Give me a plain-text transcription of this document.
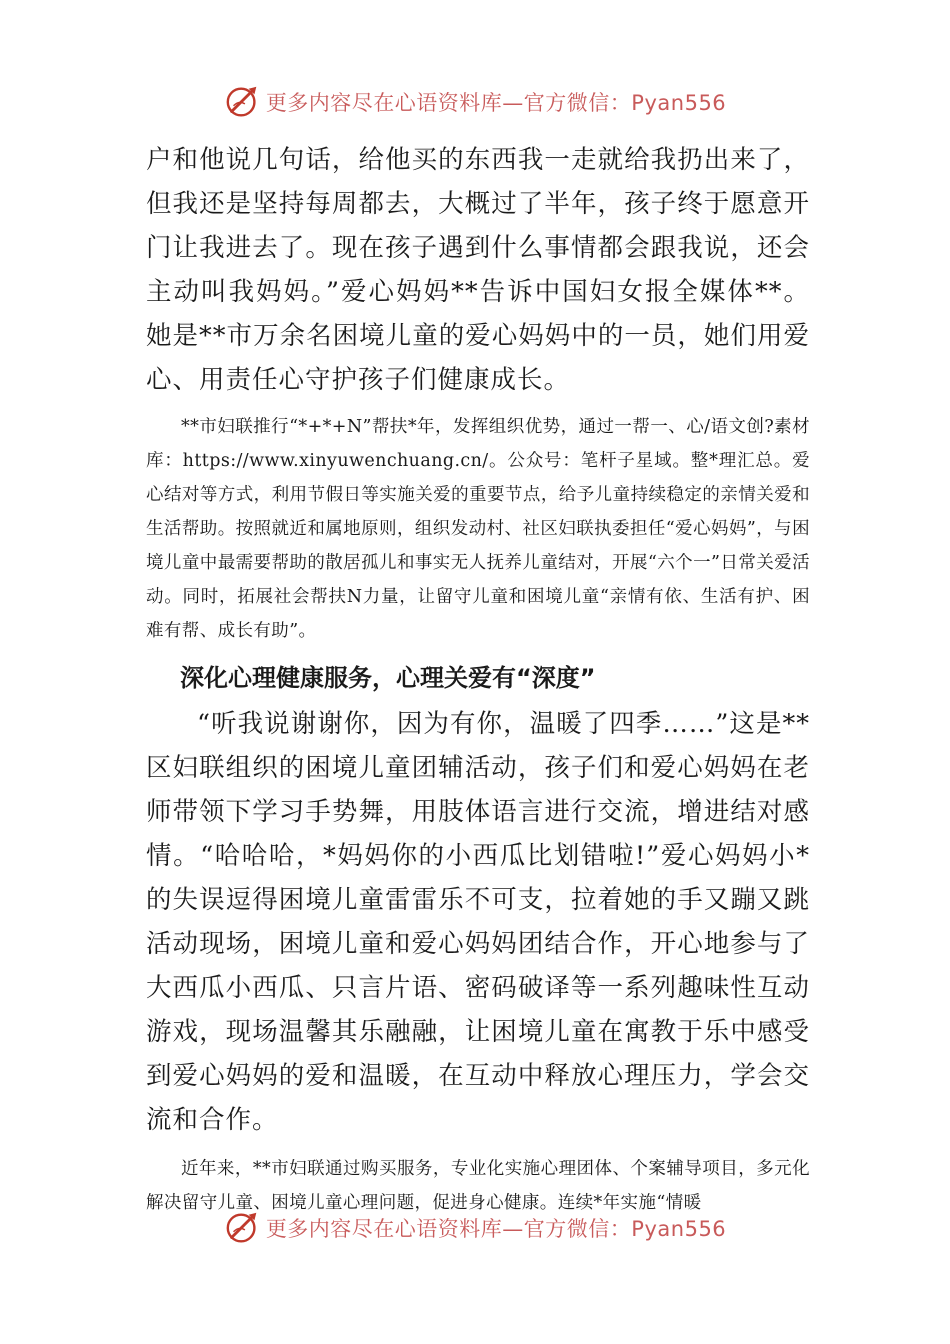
更多内容尽在心语资料库—官方微信：Pyan556

户和他说几句话，给他买的东西我一走就给我扔出来了，但我还是坚持每周都去，大概过了半年，孩子终于愿意开门让我进去了。现在孩子遇到什么事情都会跟我说，还会主动叫我妈妈。”爱心妈妈**告诉中国妇女报全媒体**。她是**市万余名困境儿童的爱心妈妈中的一员，她们用爱心、用责任心守护孩子们健康成长。

**市妇联推行“*+*+N”帮扶*年，发挥组织优势，通过一帮一、心/语文创?素材库：https://www.xinyuwenchuang.cn/。公众号：笔杆子星域。整*理汇总。爱心结对等方式，利用节假日等实施关爱的重要节点，给予儿童持续稳定的亲情关爱和生活帮助。按照就近和属地原则，组织发动村、社区妇联执委担任“爱心妈妈”，与困境儿童中最需要帮助的散居孤儿和事实无人抚养儿童结对，开展“六个一”日常关爱活动。同时，拓展社会帮扶N力量，让留守儿童和困境儿童“亲情有依、生活有护、困难有帮、成长有助”。

深化心理健康服务，心理关爱有“深度”

“听我说谢谢你，因为有你，温暖了四季……”这是**区妇联组织的困境儿童团辅活动，孩子们和爱心妈妈在老师带领下学习手势舞，用肢体语言进行交流，增进结对感情。“哈哈哈，*妈妈你的小西瓜比划错啦!”爱心妈妈小*的失误逗得困境儿童雷雷乐不可支，拉着她的手又蹦又跳活动现场，困境儿童和爱心妈妈团结合作，开心地参与了大西瓜小西瓜、只言片语、密码破译等一系列趣味性互动游戏，现场温馨其乐融融，让困境儿童在寓教于乐中感受到爱心妈妈的爱和温暖，在互动中释放心理压力，学会交流和合作。

近年来，**市妇联通过购买服务，专业化实施心理团体、个案辅导项目，多元化解决留守儿童、困境儿童心理问题，促进身心健康。连续*年实施“情暖

更多内容尽在心语资料库—官方微信：Pyan556
